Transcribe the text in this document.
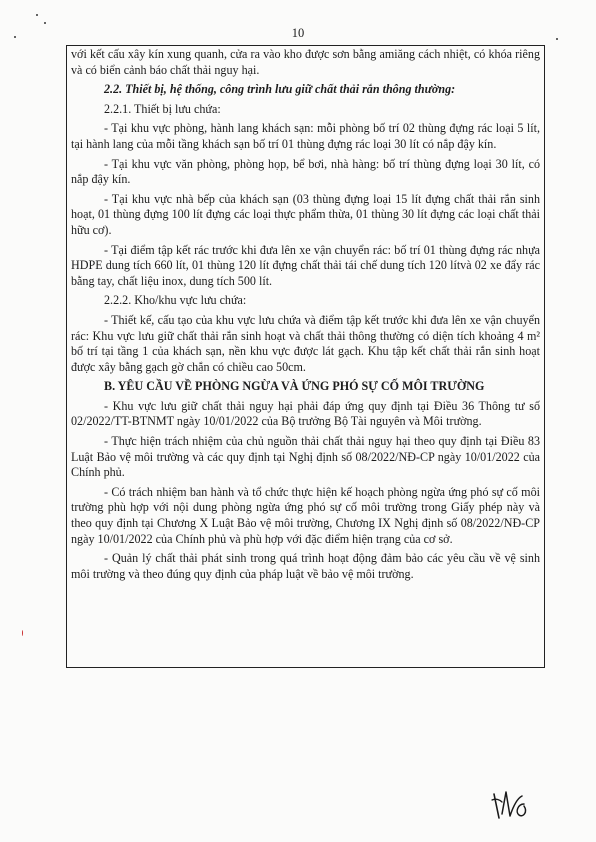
10

với kết cấu xây kín xung quanh, cửa ra vào kho được sơn bằng amiăng cách nhiệt, có khóa riêng và có biển cảnh báo chất thải nguy hại.

2.2. Thiết bị, hệ thống, công trình lưu giữ chất thải rắn thông thường:

2.2.1. Thiết bị lưu chứa:

- Tại khu vực phòng, hành lang khách sạn: mỗi phòng bố trí 02 thùng đựng rác loại 5 lít, tại hành lang của mỗi tầng khách sạn bố trí 01 thùng đựng rác loại 30 lít có nắp đậy kín.

- Tại khu vực văn phòng, phòng họp, bể bơi, nhà hàng: bố trí thùng đựng loại 30 lít, có nắp đậy kín.

- Tại khu vực nhà bếp của khách sạn (03 thùng đựng loại 15 lít đựng chất thải rắn sinh hoạt, 01 thùng đựng 100 lít đựng các loại thực phẩm thừa, 01 thùng 30 lít đựng các loại chất thải hữu cơ).

- Tại điểm tập kết rác trước khi đưa lên xe vận chuyển rác: bố trí 01 thùng đựng rác nhựa HDPE dung tích 660 lít, 01 thùng 120 lít đựng chất thải tái chế dung tích 120 lítvà 02 xe đẩy rác bằng tay, chất liệu inox, dung tích 500 lít.

2.2.2. Kho/khu vực lưu chứa:

- Thiết kế, cấu tạo của khu vực lưu chứa và điểm tập kết trước khi đưa lên xe vận chuyển rác: Khu vực lưu giữ chất thải rắn sinh hoạt và chất thải thông thường có diện tích khoảng 4 m² bố trí tại tầng 1 của khách sạn, nền khu vực được lát gạch. Khu tập kết chất thải rắn sinh hoạt được xây bằng gạch gờ chắn có chiều cao 50cm.

B. YÊU CẦU VỀ PHÒNG NGỪA VÀ ỨNG PHÓ SỰ CỐ MÔI TRƯỜNG

- Khu vực lưu giữ chất thải nguy hại phải đáp ứng quy định tại Điều 36 Thông tư số 02/2022/TT-BTNMT ngày 10/01/2022 của Bộ trưởng Bộ Tài nguyên và Môi trường.

- Thực hiện trách nhiệm của chủ nguồn thải chất thải nguy hại theo quy định tại Điều 83 Luật Bảo vệ môi trường và các quy định tại Nghị định số 08/2022/NĐ-CP ngày 10/01/2022 của Chính phủ.

- Có trách nhiệm ban hành và tổ chức thực hiện kế hoạch phòng ngừa ứng phó sự cố môi trường phù hợp với nội dung phòng ngừa ứng phó sự cố môi trường trong Giấy phép này và theo quy định tại Chương X Luật Bảo vệ môi trường, Chương IX Nghị định số 08/2022/NĐ-CP ngày 10/01/2022 của Chính phủ và phù hợp với đặc điểm hiện trạng của cơ sở.

- Quản lý chất thải phát sinh trong quá trình hoạt động đảm bảo các yêu cầu về vệ sinh môi trường và theo đúng quy định của pháp luật về bảo vệ môi trường.
